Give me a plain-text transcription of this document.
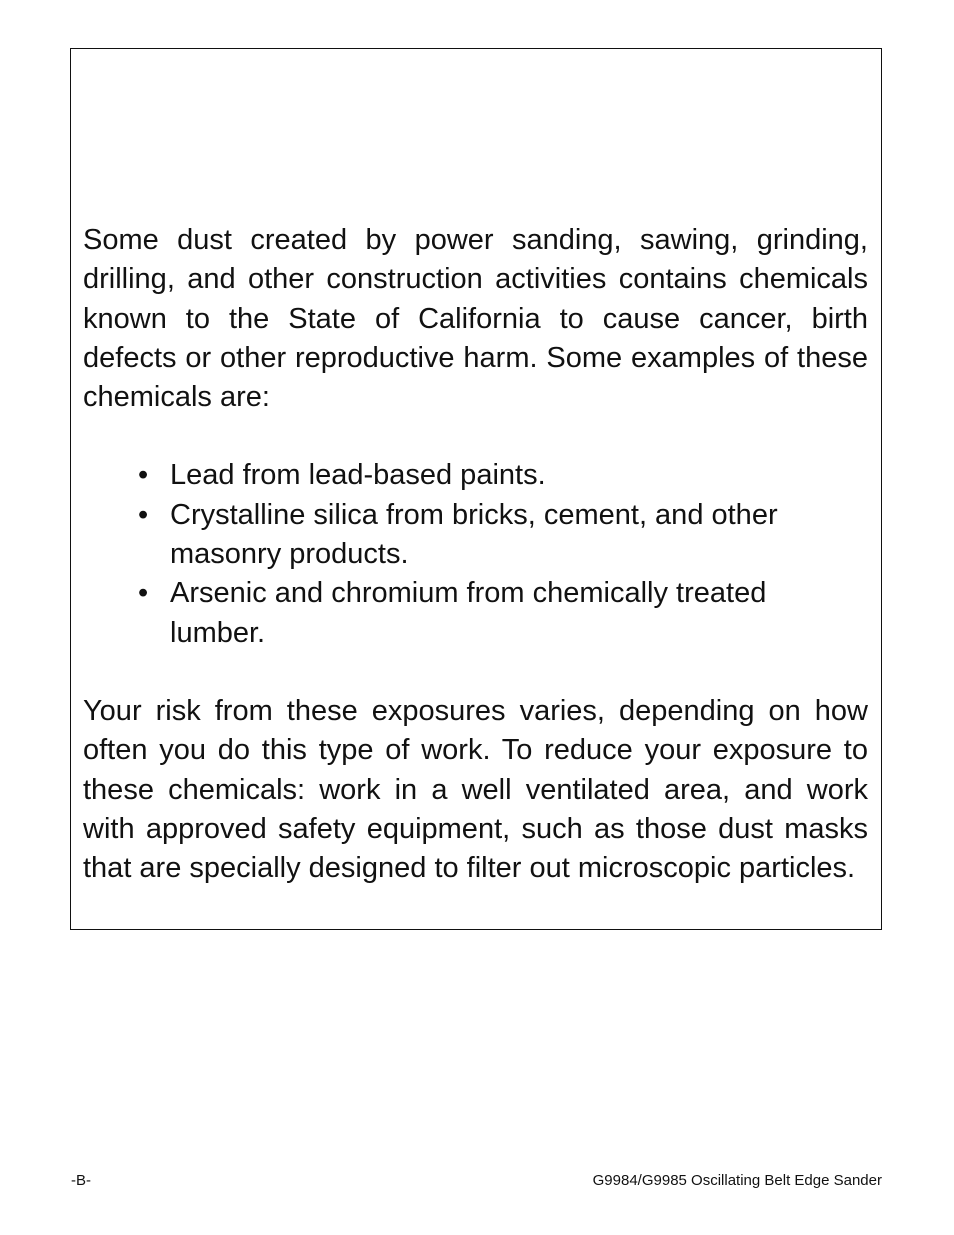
Some dust created by power sanding, sawing, grinding, drilling, and other construction activities contains chemicals known to the State of California to cause cancer, birth defects or other reproductive harm. Some examples of these chemicals are:

• Lead from lead-based paints.
• Crystalline silica from bricks, cement, and other masonry products.
• Arsenic and chromium from chemically treated lumber.

Your risk from these exposures varies, depending on how often you do this type of work. To reduce your exposure to these chemicals: work in a well ventilated area, and work with approved safety equipment, such as those dust masks that are specially designed to filter out microscopic particles.

-B-	G9984/G9985 Oscillating Belt Edge Sander
